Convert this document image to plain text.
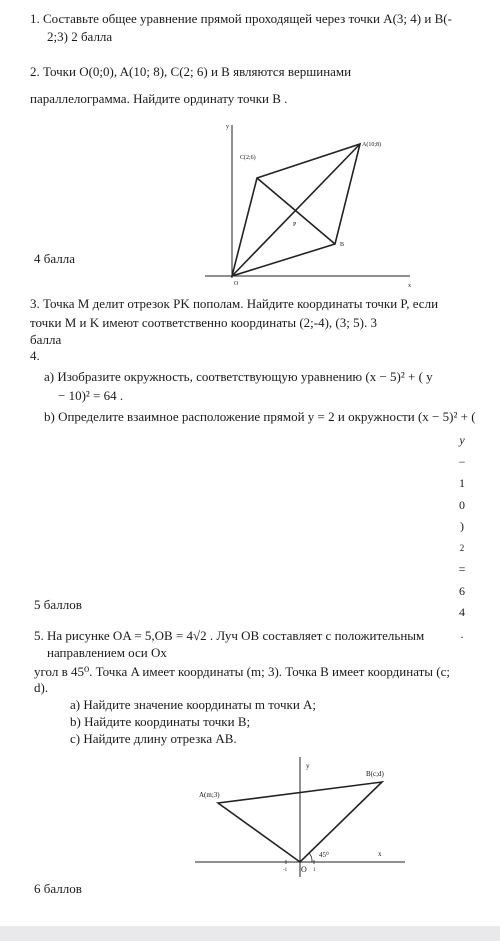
1. Составьте общее уравнение прямой проходящей через точки A(3; 4) и B(-
2;3) 2 балла
2. Точки O(0;0), A(10; 8), C(2; 6) и B являются вершинами
параллелограмма. Найдите ординату точки B .
y
x
O
A(10;8)
C(2;6)
B
P
4 балла
3. Точка M делит отрезок PK пополам. Найдите координаты точки P, если
точки M и K имеют соответственно координаты (2;-4), (3; 5). 3
балла
4.
a) Изобразите окружность, соответствующую уравнению (x − 5)² + ( y
− 10)² = 64 .
b) Определите взаимное расположение прямой y = 2 и окружности (x − 5)² + (
y
−
1
0
)
2
=
6
4
.
5 баллов
5. На рисунке OA = 5,OB = 4√2 . Луч OB составляет с положительным
направлением оси Ox
угол в 45⁰. Точка A имеет координаты (m; 3). Точка B имеет координаты (c;
d).
a) Найдите значение координаты m точки A;
b) Найдите координаты точки B;
c) Найдите длину отрезка AB.
y
x
O
A(m;3)
B(c;d)
45⁰
-1	1
6 баллов
